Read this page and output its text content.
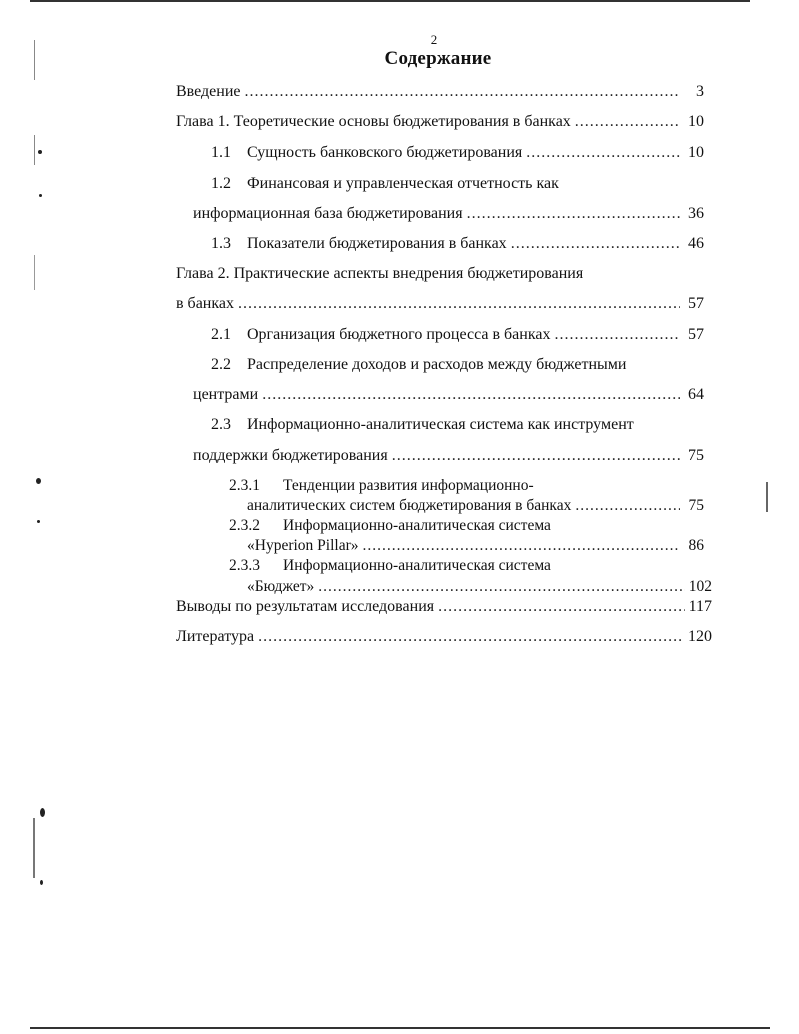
2
Содержание
Введение .....	3
Глава 1. Теоретические основы бюджетирования в банках .....	10
1.1	Сущность банковского бюджетирования .....	10
1.2 Финансовая и управленческая отчетность как
информационная база бюджетирования .....	36
1.3	Показатели бюджетирования в банках .....	46
Глава 2. Практические аспекты внедрения бюджетирования
в банках .....	57
2.1	Организация бюджетного процесса в банках .....	57
2.2 Распределение доходов и расходов между бюджетными
центрами .....	64
2.3 Информационно-аналитическая система как инструмент
поддержки бюджетирования .....	75
2.3.1 Тенденции развития информационно-
аналитических систем бюджетирования в банках .....	75
2.3.2 Информационно-аналитическая система
«Hyperion Pillar» .....	86
2.3.3 Информационно-аналитическая система
«Бюджет» .....	102
Выводы по результатам исследования .....	117
Литература .....	120
